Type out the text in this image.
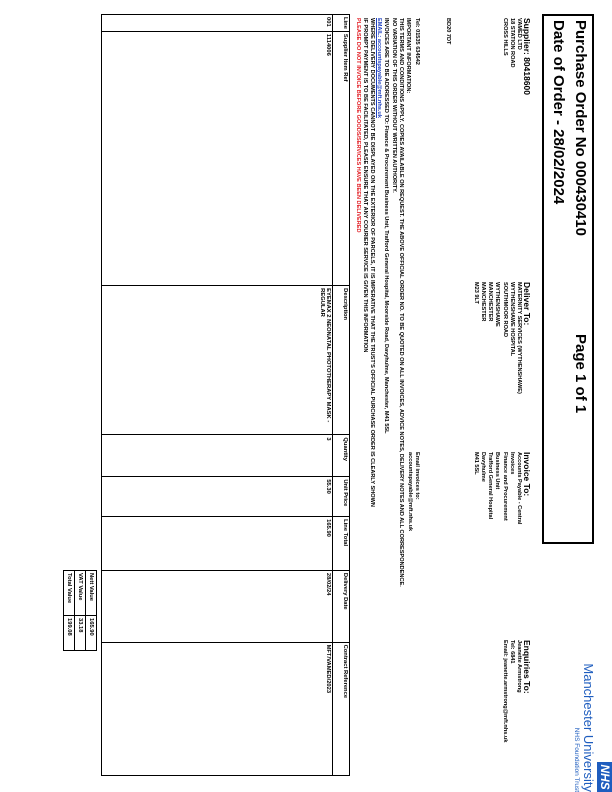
Purchase Order No 000430410
Page 1 of 1
Date of Order - 28/02/2024
NHS
Manchester University
NHS Foundation Trust
Supplier: 80418600
VAMED LTD
18 STATION ROAD
CROSS HILLS
BD20 7DT
Tel: 01535 634542
Deliver To:
MATERNITY SERVICES (WYTHENSHAWE)
WYTHENSHAWE HOSPITAL
SOUTHMOOR ROAD
WYTHENSHAWE
MANCHESTER
MANCHESTER
M23 9LT
Invoice To:
Accounts Payable - Central
Invoices
Finance and Procurement
Business Unit
Trafford General Hospital
Davyhulme
M41 5SL
Email invoices to:
accountspayable@mft.nhs.uk
Enquiries To:
Jeanette Armstrong
Tel: 6841
Email: jeanette.armstrong@mft.nhs.uk
IMPORTANT INFORMATION:
THIS TERMS AND CONDITIONS APPLY. COPIES AVAILABLE ON REQUEST. THE ABOVE OFFICIAL ORDER NO. TO BE QUOTED ON ALL INVOICES, ADVICE NOTES, DELIVERY NOTES AND ALL CORRESPONDENCE.
NO VARIATION OF THIS ORDER WITHOUT WRITTEN AUTHORITY.
INVOICES ARE TO BE ADDRESSED TO: Finance & Procurement Business Unit, Trafford General Hospital, Moorside Road, Davyhulme, Manchester, M41 5SL
EMAIL: accountspayable@mft.nhs.uk
WHERE DELIVERY DOCUMENTS CANNOT BE DISPLAYED ON THE EXTERIOR OF PARCELS, IT IS IMPERATIVE THAT THE TRUST'S OFFICIAL PURCHASE ORDER IS CLEARLY SHOWN
IF PROMPT PAYMENT IS TO BE FACILITATED, PLEASE ENSURE THAT ANY COURIER SERVICE IS GIVEN THIS INFORMATION
PLEASE DO NOT INVOICE BEFORE GOODS/SERVICES HAVE BEEN DELIVERED
Line	Supplier Item Ref	Description	Quantity	Unit Price	Line Total	Delivery Date	Contract Reference
001	1114006	EYEMAX 2 NEONATAL PHOTOTHERAPY MASK - REGULAR	3	55.30	165.90	28/02/24	MFT/VAMED/2023
Nett Value	165.90
VAT Value	33.18
Total Value	199.08
